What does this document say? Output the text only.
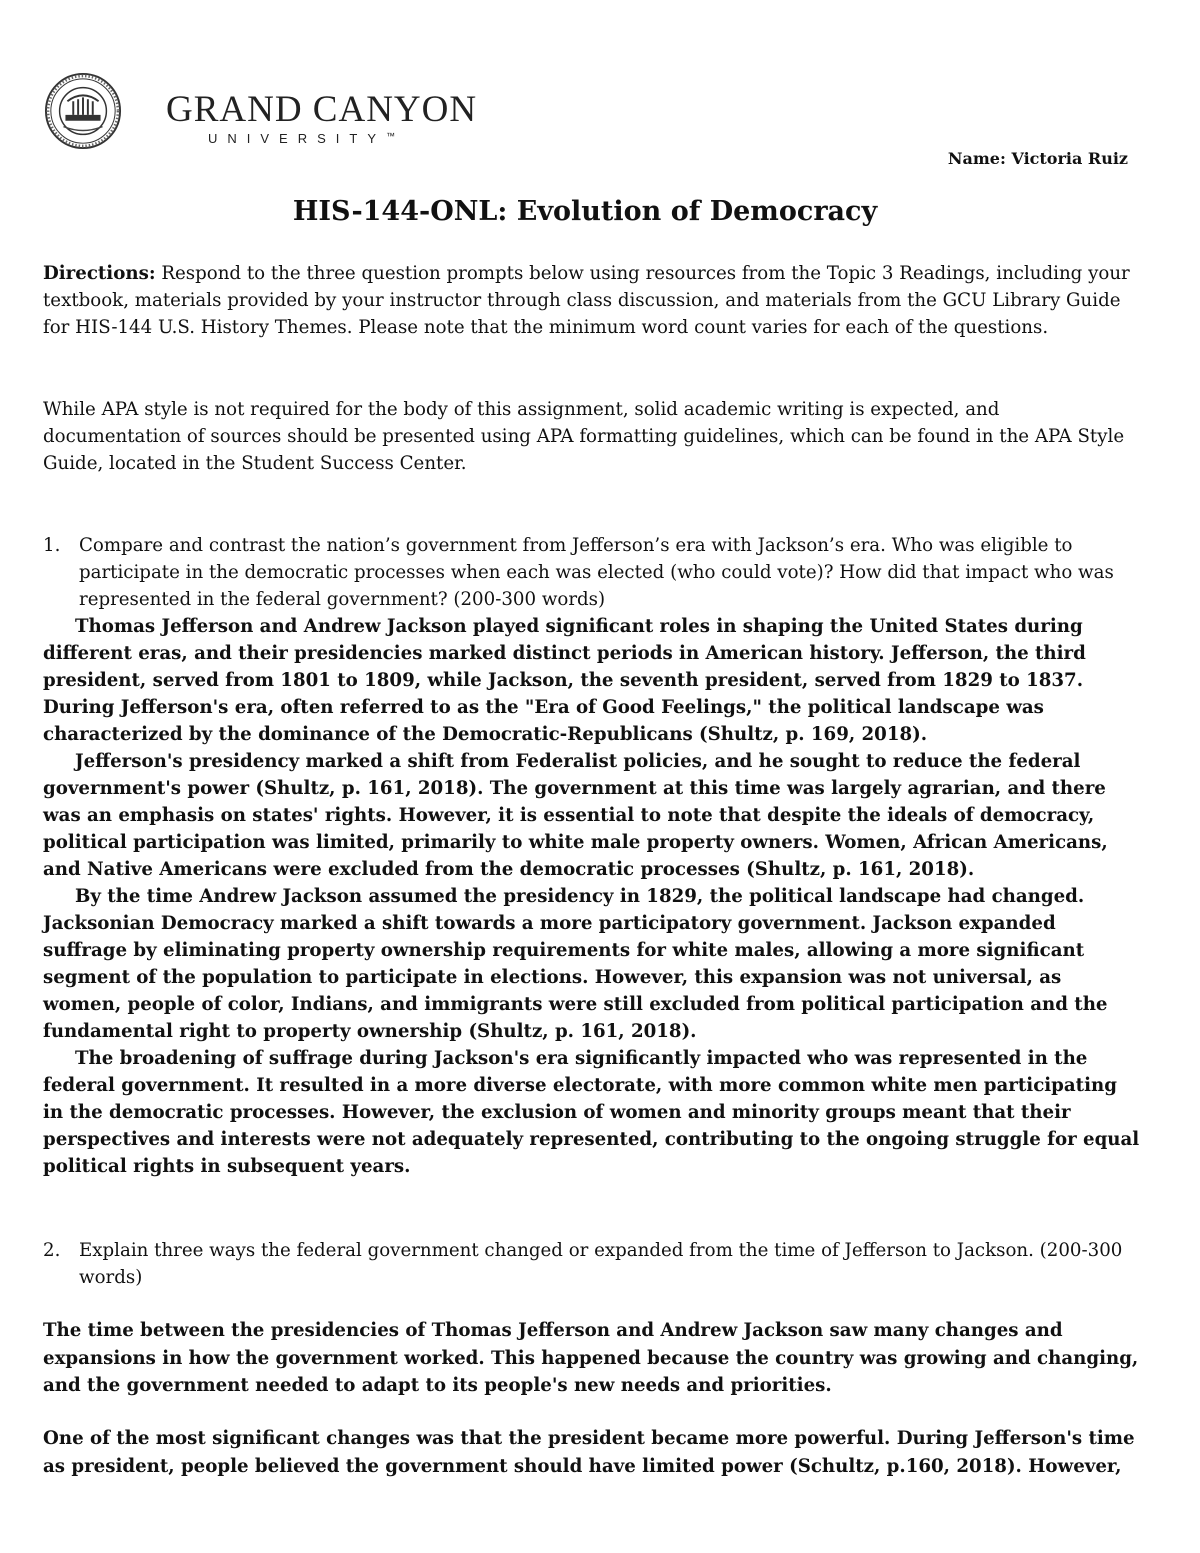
GRAND CANYON
UNIVERSITY™
Name: Victoria Ruiz
HIS-144-ONL: Evolution of Democracy
Directions: Respond to the three question prompts below using resources from the Topic 3 Readings, including your textbook, materials provided by your instructor through class discussion, and materials from the GCU Library Guide for HIS-144 U.S. History Themes. Please note that the minimum word count varies for each of the questions.
While APA style is not required for the body of this assignment, solid academic writing is expected, and documentation of sources should be presented using APA formatting guidelines, which can be found in the APA Style Guide, located in the Student Success Center.
1. Compare and contrast the nation’s government from Jefferson’s era with Jackson’s era. Who was eligible to participate in the democratic processes when each was elected (who could vote)? How did that impact who was represented in the federal government? (200-300 words)

Thomas Jefferson and Andrew Jackson played significant roles in shaping the United States during different eras, and their presidencies marked distinct periods in American history. Jefferson, the third president, served from 1801 to 1809, while Jackson, the seventh president, served from 1829 to 1837. During Jefferson's era, often referred to as the "Era of Good Feelings," the political landscape was characterized by the dominance of the Democratic-Republicans (Shultz, p. 169, 2018).

Jefferson's presidency marked a shift from Federalist policies, and he sought to reduce the federal government's power (Shultz, p. 161, 2018). The government at this time was largely agrarian, and there was an emphasis on states' rights. However, it is essential to note that despite the ideals of democracy, political participation was limited, primarily to white male property owners. Women, African Americans, and Native Americans were excluded from the democratic processes (Shultz, p. 161, 2018).

By the time Andrew Jackson assumed the presidency in 1829, the political landscape had changed. Jacksonian Democracy marked a shift towards a more participatory government. Jackson expanded suffrage by eliminating property ownership requirements for white males, allowing a more significant segment of the population to participate in elections. However, this expansion was not universal, as women, people of color, Indians, and immigrants were still excluded from political participation and the fundamental right to property ownership (Shultz, p. 161, 2018).

The broadening of suffrage during Jackson's era significantly impacted who was represented in the federal government. It resulted in a more diverse electorate, with more common white men participating in the democratic processes. However, the exclusion of women and minority groups meant that their perspectives and interests were not adequately represented, contributing to the ongoing struggle for equal political rights in subsequent years.

2. Explain three ways the federal government changed or expanded from the time of Jefferson to Jackson. (200-300 words)
The time between the presidencies of Thomas Jefferson and Andrew Jackson saw many changes and expansions in how the government worked. This happened because the country was growing and changing, and the government needed to adapt to its people's new needs and priorities.
One of the most significant changes was that the president became more powerful. During Jefferson's time as president, people believed the government should have limited power (Schultz, p.160, 2018). However,
